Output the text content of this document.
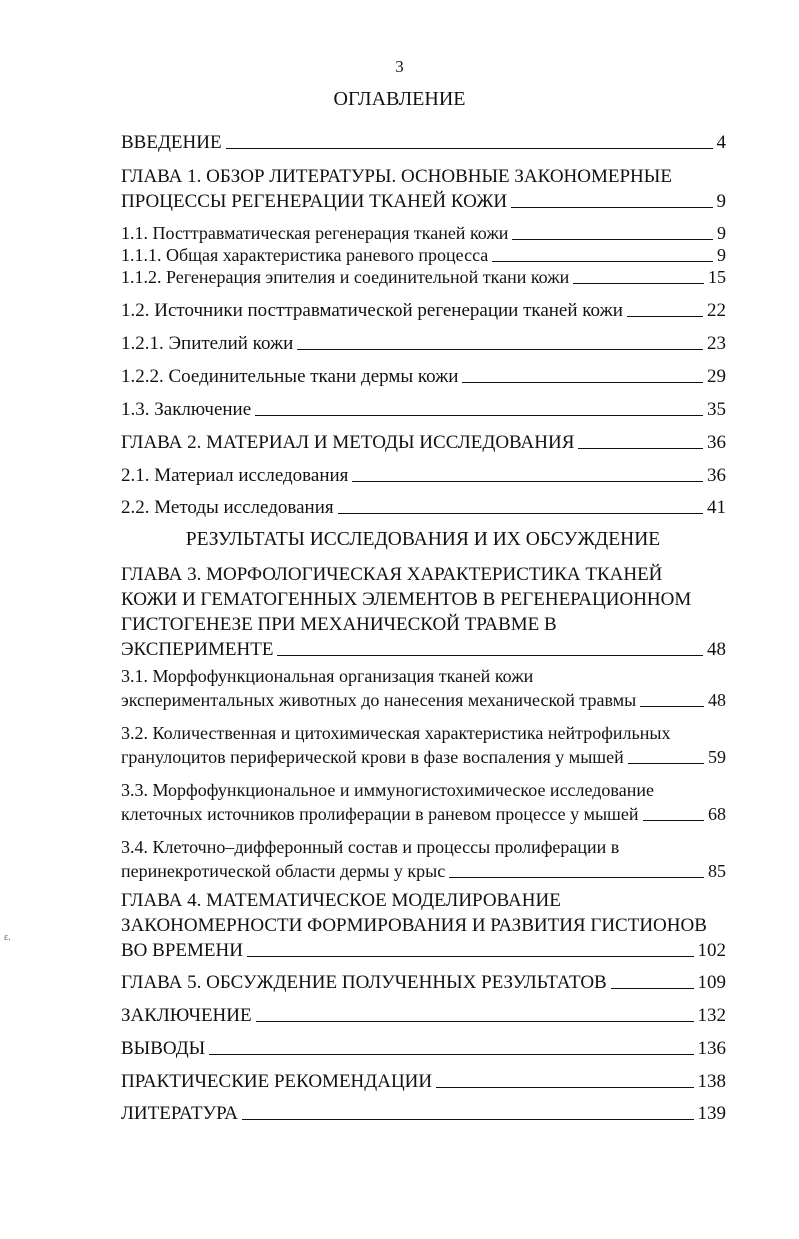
3
ОГЛАВЛЕНИЕ
ВВЕДЕНИЕ	4
ГЛАВА 1. ОБЗОР ЛИТЕРАТУРЫ. ОСНОВНЫЕ ЗАКОНОМЕРНЫЕ
ПРОЦЕССЫ РЕГЕНЕРАЦИИ ТКАНЕЙ КОЖИ	9
1.1. Посттравматическая регенерация тканей кожи	9
1.1.1. Общая характеристика раневого процесса	9
1.1.2. Регенерация эпителия и соединительной ткани кожи	15
1.2. Источники посттравматической регенерации тканей кожи	22
1.2.1. Эпителий кожи	23
1.2.2. Соединительные ткани дермы кожи	29
1.3. Заключение	35
ГЛАВА 2. МАТЕРИАЛ И МЕТОДЫ ИССЛЕДОВАНИЯ	36
2.1. Материал исследования	36
2.2. Методы исследования	41
ГЛАВА 3. МОРФОЛОГИЧЕСКАЯ ХАРАКТЕРИСТИКА ТКАНЕЙ
КОЖИ И ГЕМАТОГЕННЫХ ЭЛЕМЕНТОВ В РЕГЕНЕРАЦИОННОМ
ГИСТОГЕНЕЗЕ ПРИ МЕХАНИЧЕСКОЙ ТРАВМЕ В
ЭКСПЕРИМЕНТЕ	48
3.1. Морфофункциональная организация тканей кожи
экспериментальных животных до нанесения механической травмы	48
3.2. Количественная и цитохимическая характеристика нейтрофильных
гранулоцитов периферической крови в фазе воспаления у мышей	59
3.3. Морфофункциональное и иммуногистохимическое исследование
клеточных источников пролиферации в раневом процессе у мышей	68
3.4. Клеточно–дифферонный состав и процессы пролиферации в
перинекротической области дермы у крыс	85
ГЛАВА 4. МАТЕМАТИЧЕСКОЕ МОДЕЛИРОВАНИЕ
ЗАКОНОМЕРНОСТИ ФОРМИРОВАНИЯ И РАЗВИТИЯ ГИСТИОНОВ
ВО ВРЕМЕНИ	102
ГЛАВА 5. ОБСУЖДЕНИЕ ПОЛУЧЕННЫХ РЕЗУЛЬТАТОВ	109
ЗАКЛЮЧЕНИЕ	132
ВЫВОДЫ	136
ПРАКТИЧЕСКИЕ РЕКОМЕНДАЦИИ	138
ЛИТЕРАТУРА	139
РЕЗУЛЬТАТЫ ИССЛЕДОВАНИЯ И ИХ ОБСУЖДЕНИЕ
ɛ.
